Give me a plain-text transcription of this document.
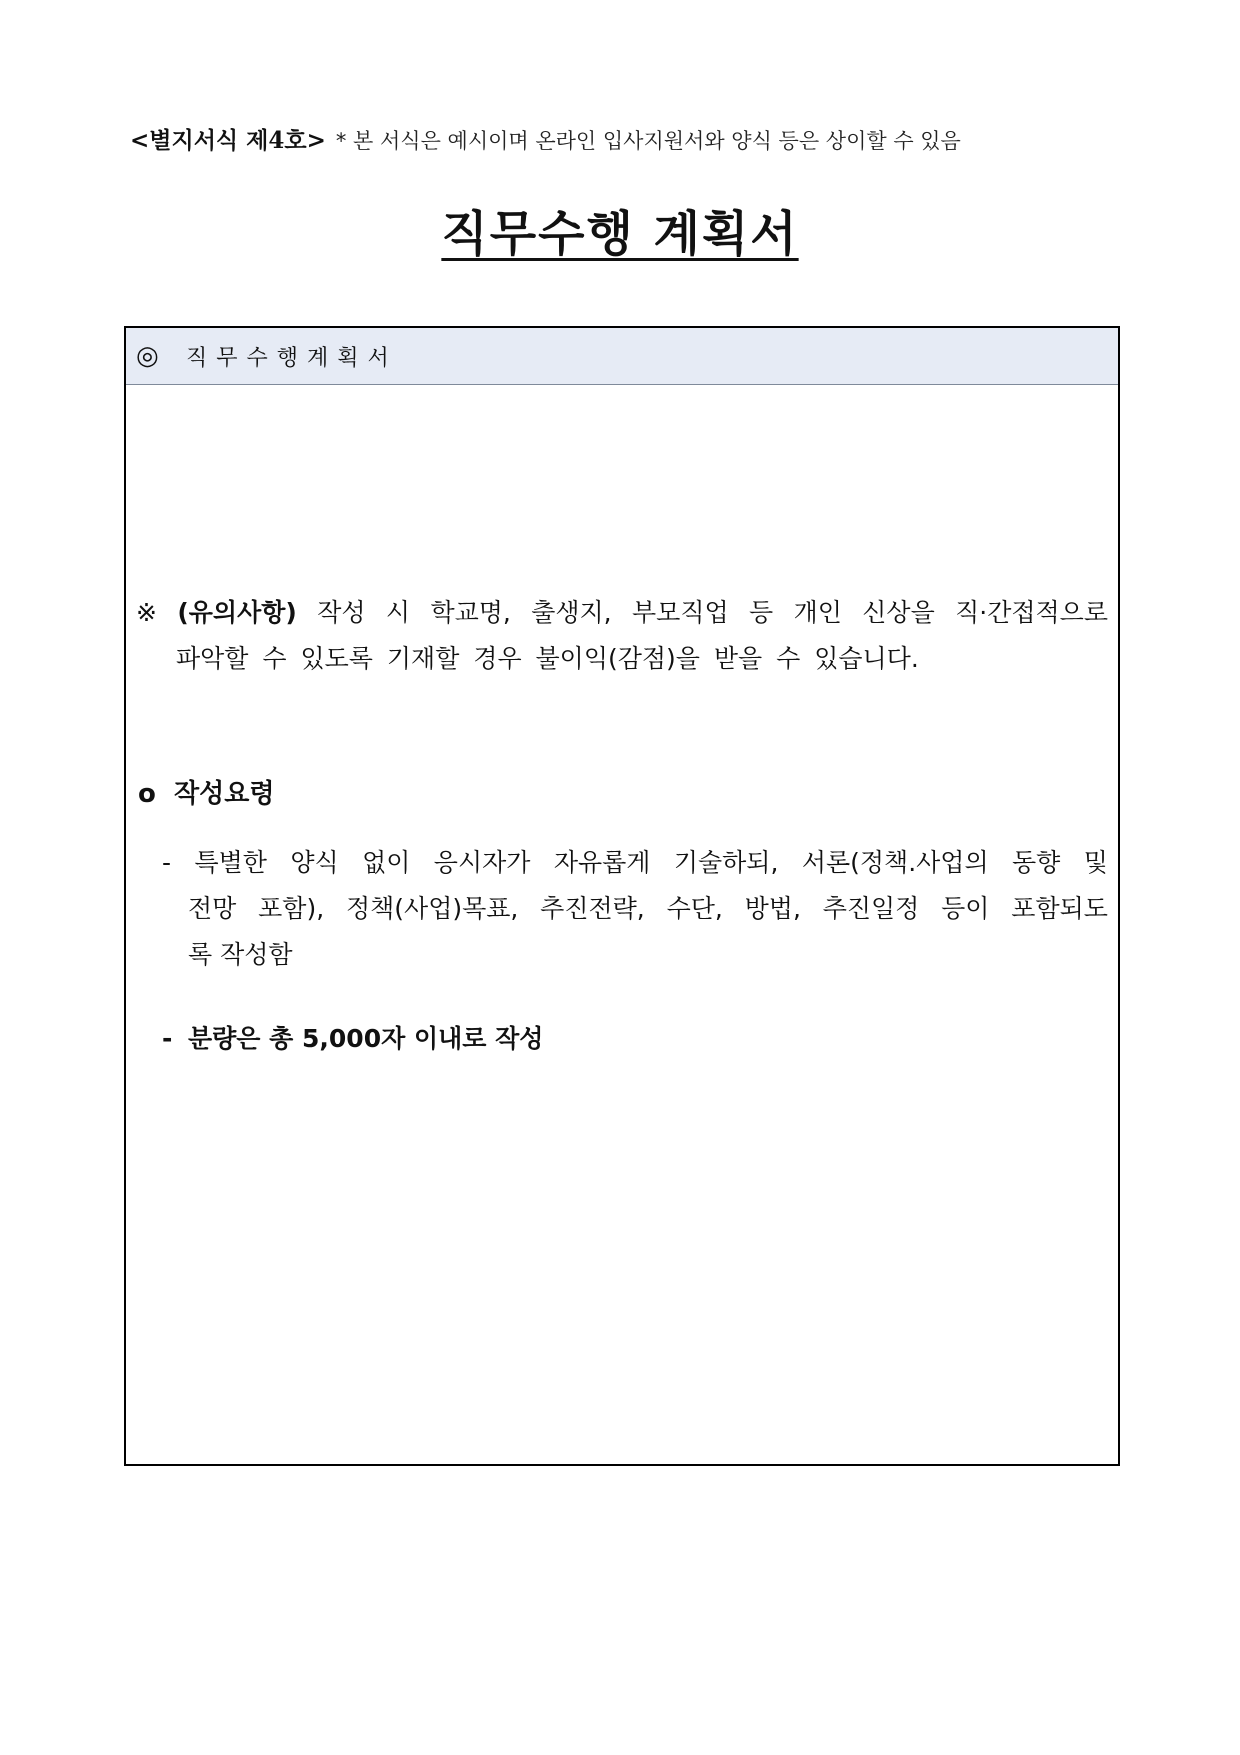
<별지서식 제4호> * 본 서식은 예시이며 온라인 입사지원서와 양식 등은 상이할 수 있음
직무수행 계획서
◎	직무수행계획서
※ (유의사항) 작성 시 학교명, 출생지, 부모직업 등 개인 신상을 직·간접적으로
파악할 수 있도록 기재할 경우 불이익(감점)을 받을 수 있습니다.
o 작성요령
- 특별한 양식 없이 응시자가 자유롭게 기술하되, 서론(정책.사업의 동향 및
전망 포함), 정책(사업)목표, 추진전략, 수단, 방법, 추진일정 등이 포함되도
록 작성함
- 분량은 총 5,000자 이내로 작성
